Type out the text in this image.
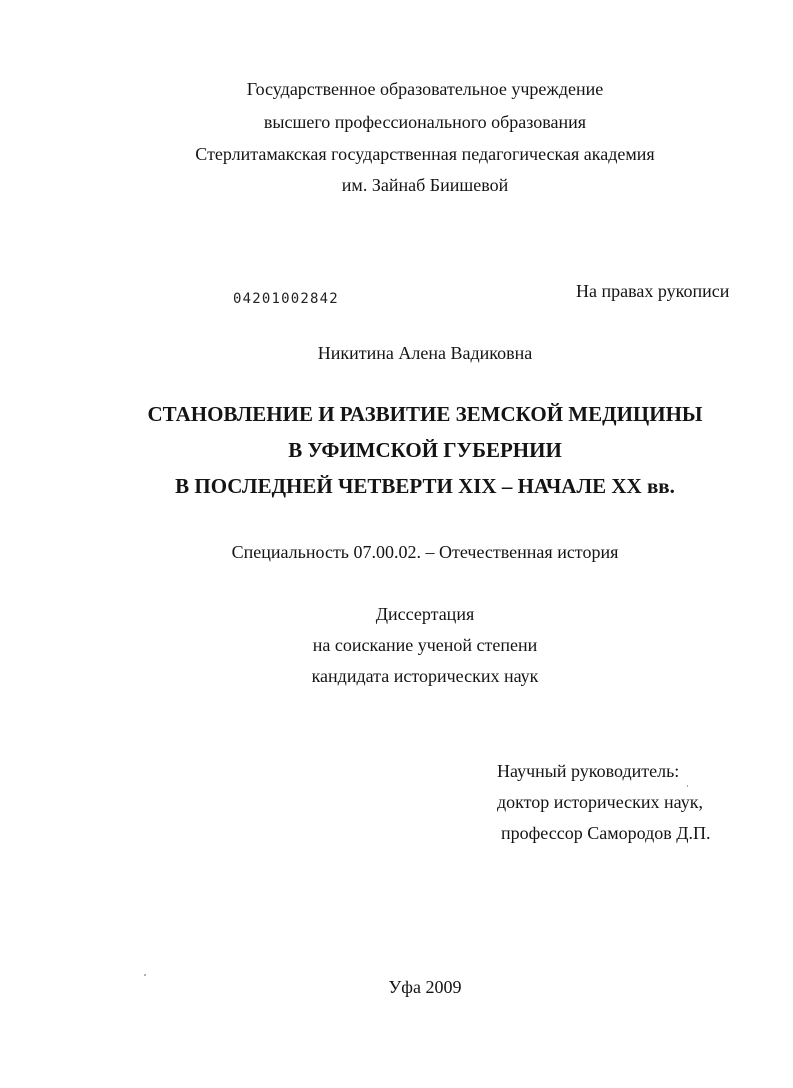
Государственное образовательное учреждение
высшего профессионального образования
Стерлитамакская государственная педагогическая академия
им. Зайнаб Биишевой
04201002842	На правах рукописи
Никитина Алена Вадиковна
СТАНОВЛЕНИЕ И РАЗВИТИЕ ЗЕМСКОЙ МЕДИЦИНЫ
В УФИМСКОЙ ГУБЕРНИИ
В ПОСЛЕДНЕЙ ЧЕТВЕРТИ XIX – НАЧАЛЕ XX вв.
Специальность 07.00.02. – Отечественная история
Диссертация
на соискание ученой степени
кандидата исторических наук
Научный руководитель:
доктор исторических наук,
профессор Самородов Д.П.
Уфа 2009
